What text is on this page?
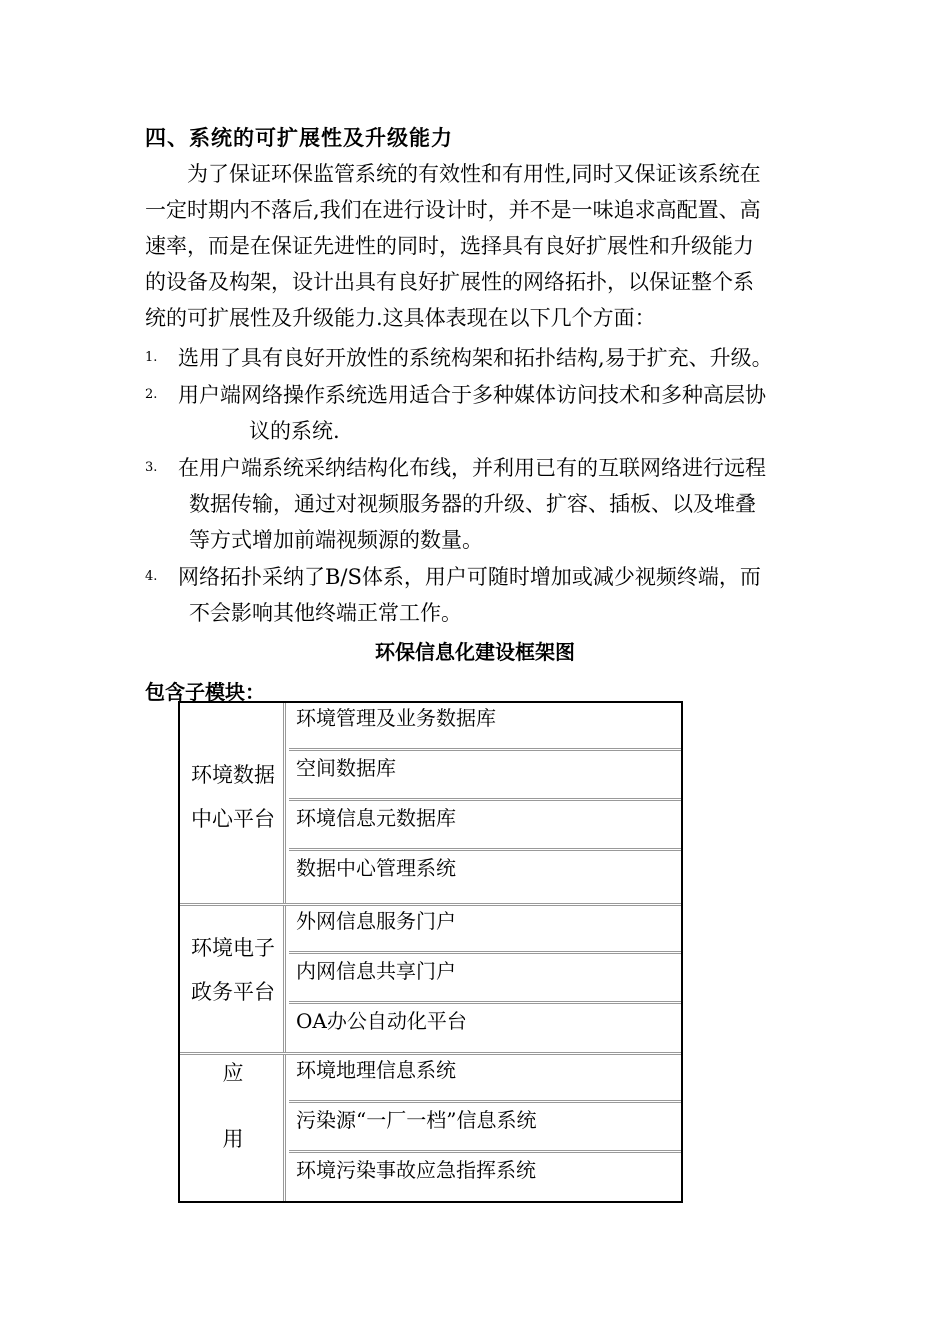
四、系统的可扩展性及升级能力
为了保证环保监管系统的有效性和有用性,同时又保证该系统在
一定时期内不落后,我们在进行设计时，并不是一味追求高配置、高
速率，而是在保证先进性的同时，选择具有良好扩展性和升级能力
的设备及构架，设计出具有良好扩展性的网络拓扑，以保证整个系
统的可扩展性及升级能力.这具体表现在以下几个方面：
1. 选用了具有良好开放性的系统构架和拓扑结构,易于扩充、升级。
2. 用户端网络操作系统选用适合于多种媒体访问技术和多种高层协
议的系统.
3. 在用户端系统采纳结构化布线，并利用已有的互联网络进行远程
数据传输，通过对视频服务器的升级、扩容、插板、以及堆叠
等方式增加前端视频源的数量。
4. 网络拓扑采纳了B/S体系，用户可随时增加或减少视频终端，而
不会影响其他终端正常工作。
环保信息化建设框架图
包含子模块：
环境数据
中心平台
环境管理及业务数据库
空间数据库
环境信息元数据库
数据中心管理系统
环境电子
政务平台
外网信息服务门户
内网信息共享门户
OA办公自动化平台
应
用
环境地理信息系统
污染源“一厂一档”信息系统
环境污染事故应急指挥系统
